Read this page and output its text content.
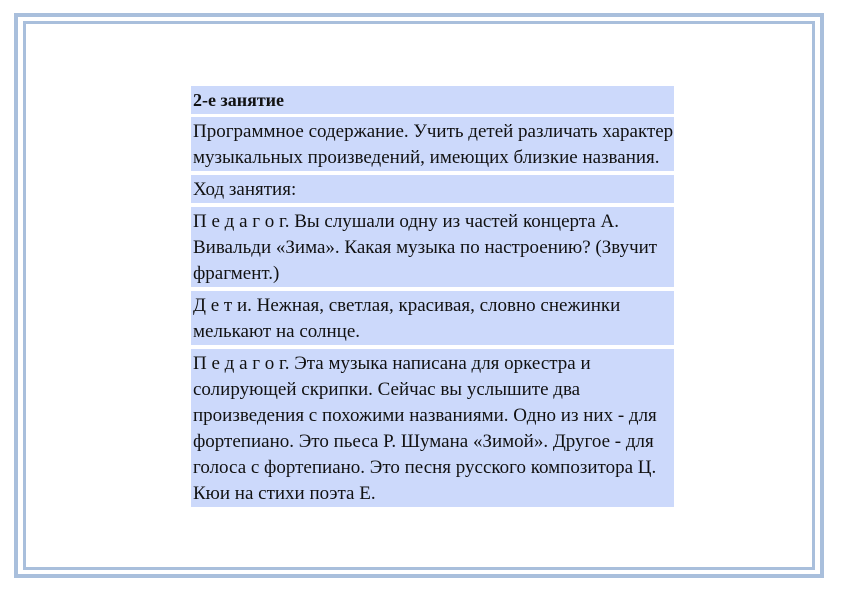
2-е занятие
Программное содержание. Учить детей различать характер музыкальных произведений, имеющих близкие названия.
Ход занятия:
П е д а г о г. Вы слушали одну из частей концерта А. Вивальди «Зима». Какая музыка по настроению? (Звучит фрагмент.)
Д е т и. Нежная, светлая, красивая, словно снежинки мелькают на солнце.
П е д а г о г. Эта музыка написана для оркестра и солирующей скрипки. Сейчас вы услышите два произведения с похожими названиями. Одно из них - для фортепиано. Это пьеса Р. Шумана «Зимой». Другое - для голоса с фортепиано. Это песня русского композитора Ц. Кюи на стихи поэта Е.
